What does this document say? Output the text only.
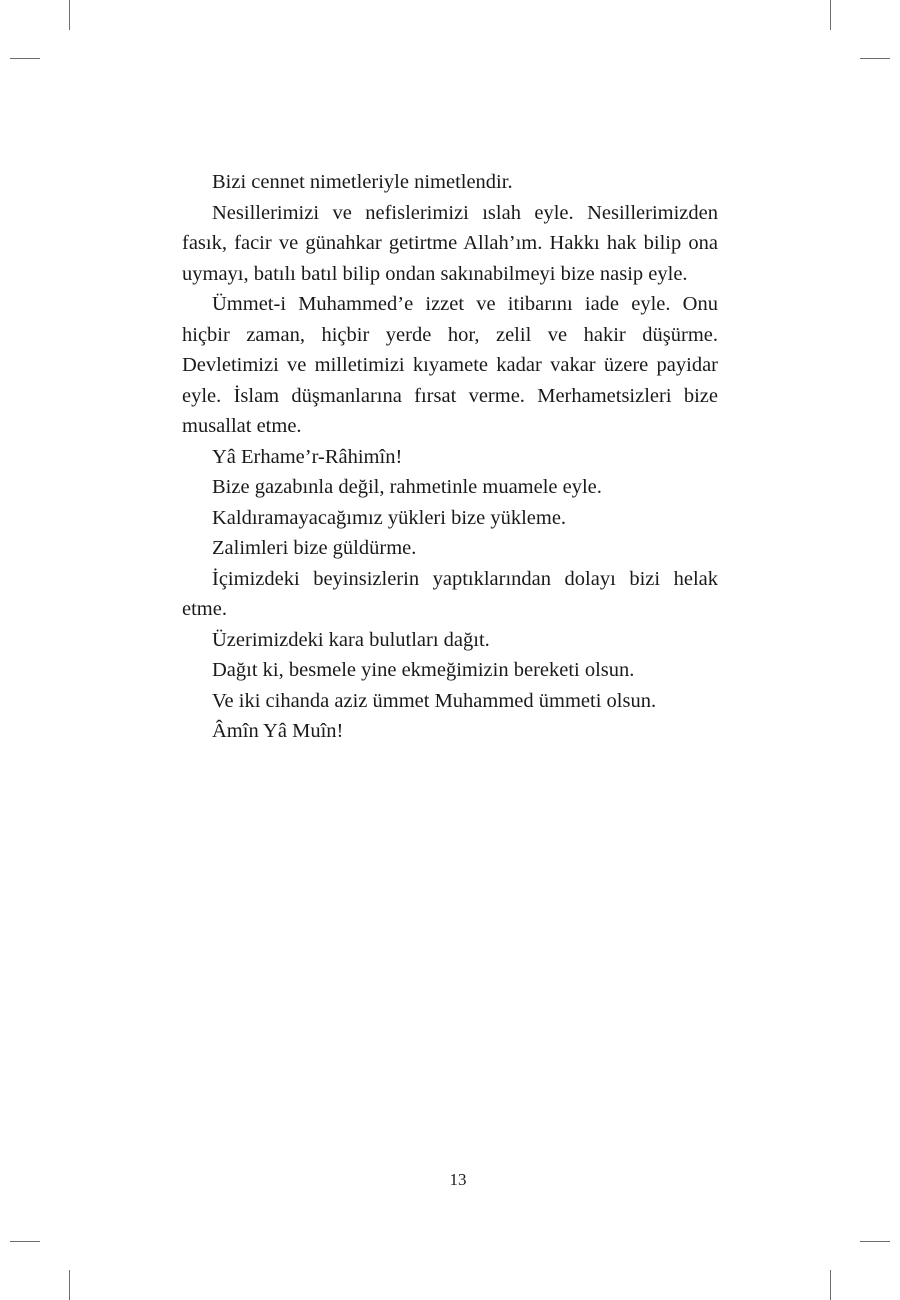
Bizi cennet nimetleriyle nimetlendir.

Nesillerimizi ve nefislerimizi ıslah eyle. Nesillerimizden fasık, facir ve günahkar getirtme Allah’ım. Hakkı hak bilip ona uymayı, batılı batıl bilip ondan sakınabilmeyi bize nasip eyle.

Ümmet-i Muhammed’e izzet ve itibarını iade eyle. Onu hiçbir zaman, hiçbir yerde hor, zelil ve hakir düşürme. Devletimizi ve milletimizi kıyamete kadar vakar üzere payidar eyle. İslam düşmanlarına fırsat verme. Merhametsizleri bize musallat etme.

Yâ Erhame’r-Râhimîn!

Bize gazabınla değil, rahmetinle muamele eyle.

Kaldıramayacağımız yükleri bize yükleme.

Zalimleri bize güldürme.

İçimizdeki beyinsizlerin yaptıklarından dolayı bizi helak etme.

Üzerimizdeki kara bulutları dağıt.

Dağıt ki, besmele yine ekmeğimizin bereketi olsun.

Ve iki cihanda aziz ümmet Muhammed ümmeti olsun.

Âmîn Yâ Muîn!

13
